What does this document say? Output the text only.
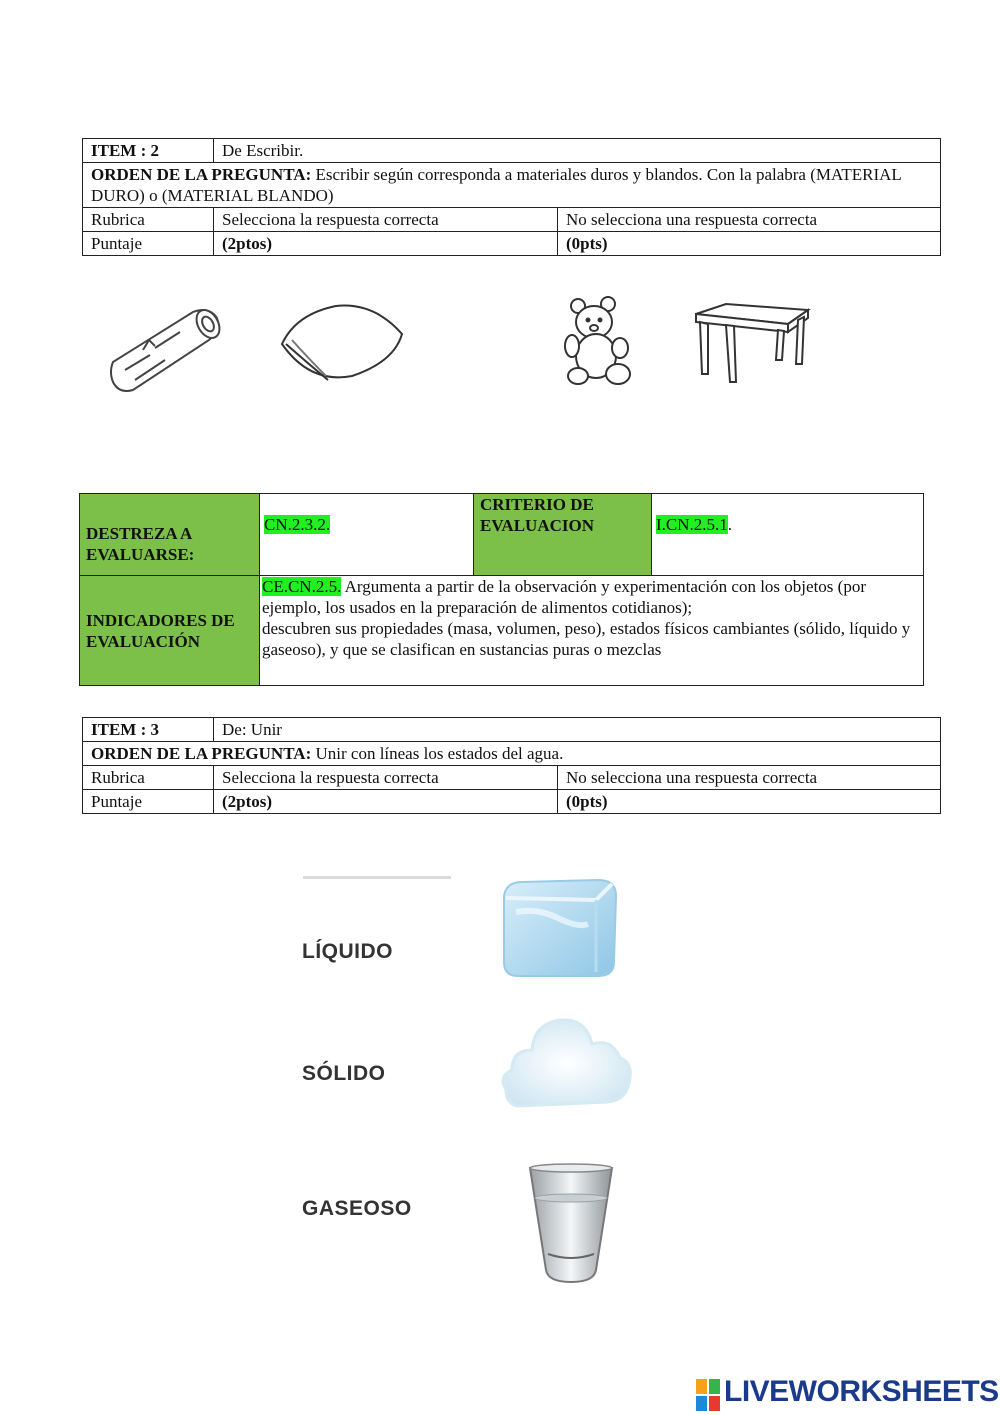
ITEM : 2	De Escribir.	
ORDEN DE LA PREGUNTA: Escribir según corresponda a materiales duros y blandos. Con la palabra (MATERIAL DURO) o (MATERIAL BLANDO)		
Rubrica	Selecciona la respuesta correcta	No selecciona una respuesta correcta
Puntaje	(2ptos)	(0pts)
DESTREZA A EVALUARSE:	CN.2.3.2.	CRITERIO DE EVALUACION	I.CN.2.5.1.
INDICADORES DE EVALUACIÓN	CE.CN.2.5. Argumenta a partir de la observación y experimentación con los objetos (por ejemplo, los usados en la preparación de alimentos cotidianos);
descubren sus propiedades (masa, volumen, peso), estados físicos cambiantes (sólido, líquido y gaseoso), y que se clasifican en sustancias puras o mezclas		
ITEM : 3	De: Unir	
ORDEN DE LA PREGUNTA: Unir con líneas los estados del agua.		
Rubrica	Selecciona la respuesta correcta	No selecciona una respuesta correcta
Puntaje	(2ptos)	(0pts)
LÍQUIDO
SÓLIDO
GASEOSO
LIVEWORKSHEETS
